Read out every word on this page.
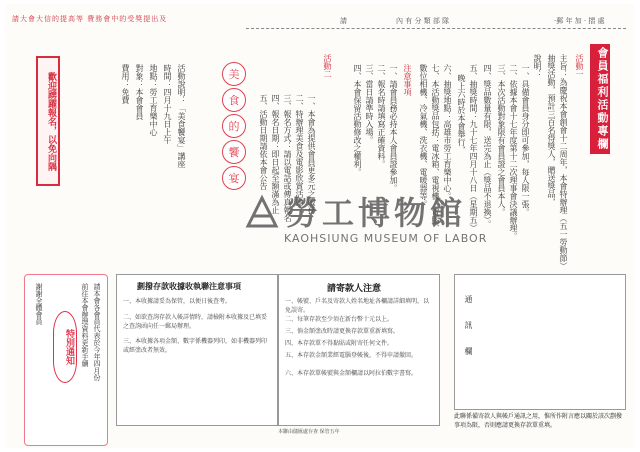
請大會大信的提高等 費務會中的受獎提出及	請	內 有 分 類 部 隊	·郵 年 加 · 摺 處
會員福利活動專欄
活動一
主旨：為慶祝本會創會十二周年，本會特辦理（五一勞動節）
抽獎活動，預計三百名得獎人，贈送獎品，
說明：
一、具備會員身分即可參加，每人限一張。
二、依據本會十七年度第十二次理事會決議辦理。
三、本次活動對象限有會員證之會員本人。
四、獎品數量有限，送完為止（獎品不退換）。
五、抽獎時間：九十七年四月十八日（星期五）
晚上六時於本會舉行，
六、抽獎地點：高雄市勞工育樂中心。
七、本活動獎品包括：電冰箱、電視機、電腦、
數位相機、冷氣機、洗衣機、電暖器等。
注意事項
一、請會員務必持本人會員證參加。
二、報名時請填寫正確資料。
三、當日請準時入場。
四、本會保留活動修改之權利。
活動二
一、本會為提供會員更多元之服務
二、特辦理美食及電影欣賞活動
三、報名方式：請以電話或傳真報名
四、報名日期：即日起至額滿為止
五、活動日期請依本會公告
美
食
的
饗
宴
活動說明：「美食饗宴」講座
時間：四月十九日上午
地點：勞工育樂中心
對象：本會會員
費用：免費
歡迎踴躍報名，以免向隅
勞工博物館
KAOHSIUNG MUSEUM OF LABOR
特別通知	請本會各會員代表於今年四月份
前往本會辦理資料更新手續
謝謝全體會員	劃撥存款收據收執聯注意事項
一、本收據請妥為保管，以便日後查考。
二、如欲查詢存款入帳詳情時，請檢附本收據及已填妥之查詢函向任一郵局辦理。
三、本收據各項金額、數字係機器列印，如非機器列印或經塗改者無效。
請寄款人注意
一、帳號、戶名及寄款人姓名地址各欄請詳細填明，以免誤寄。
二、每筆存款至少須在新台幣十元以上。
三、倘金額塗改時請更換存款單重新填寫。
四、本存款單不得黏貼或附寄任何文件。
五、本存款金額業經電腦登帳後，不得申請撤回。
六、本存款單帳號與金額欄請以阿拉伯數字書寫。
本聯由儲匯處存查 保管五年
通訊欄
此聯係備寄款人與帳戶通訊之用，惟所作附言應以關於該次劃撥事項為限，否則應請更換存款單重填。
